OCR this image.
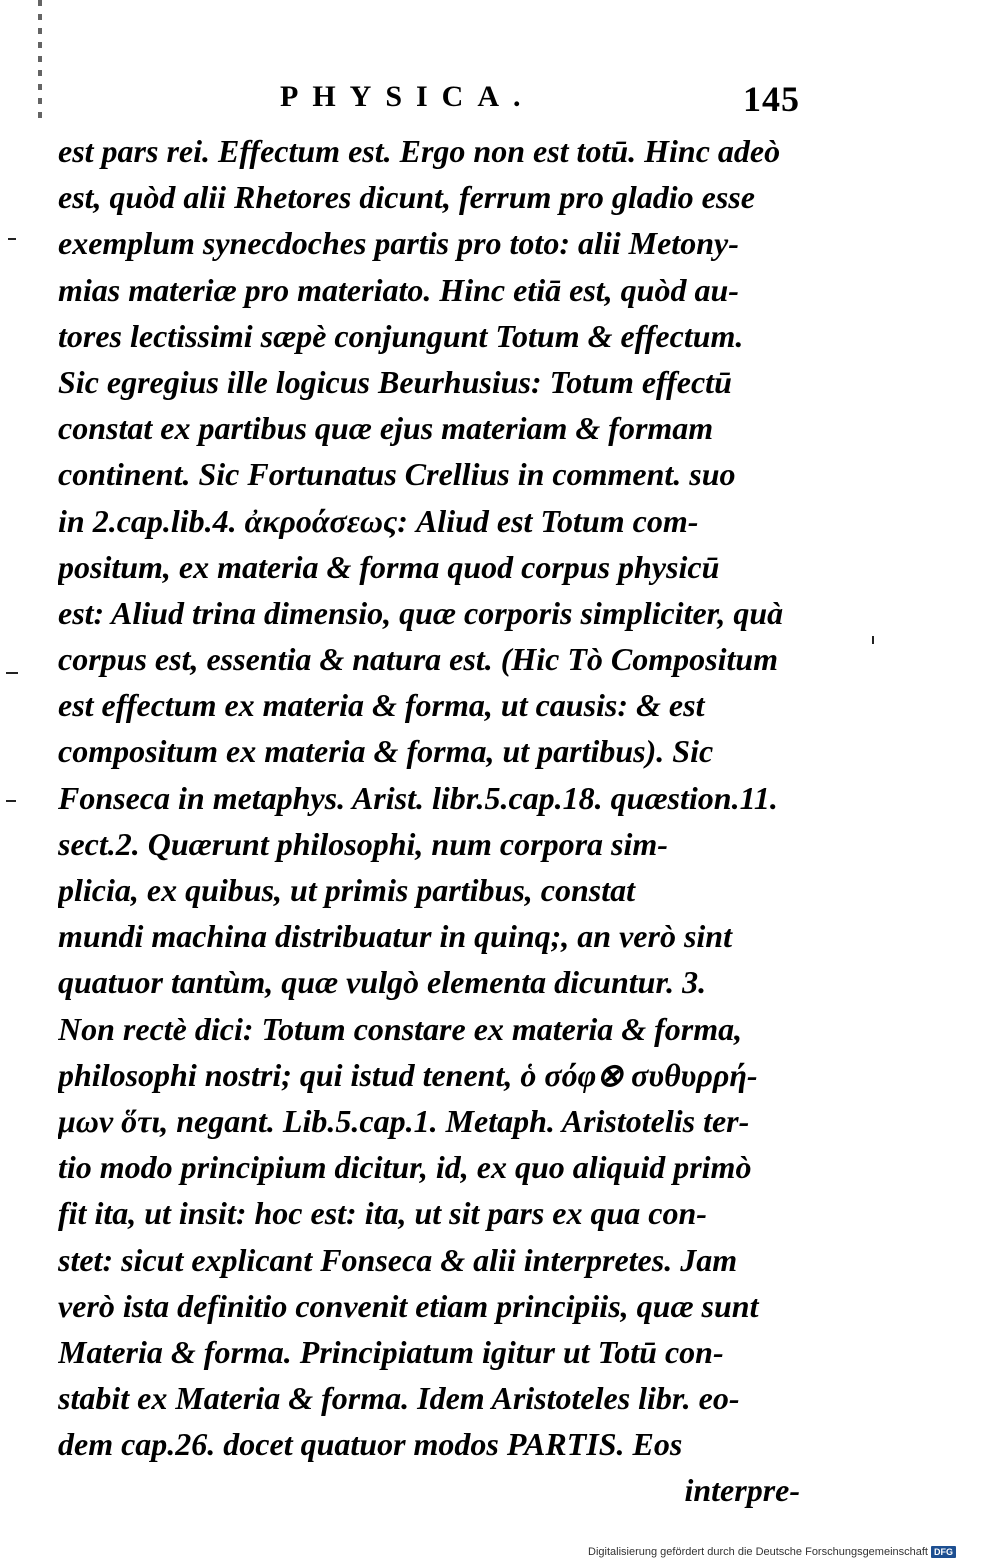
PHYSICA.	145
est pars rei. Effectum est. Ergo non est totū. Hinc adeò
est, quòd alii Rhetores dicunt, ferrum pro gladio esse
exemplum synecdoches partis pro toto: alii Metony-
mias materiæ pro materiato. Hinc etiā est, quòd au-
tores lectissimi sæpè conjungunt Totum & effectum.
Sic egregius ille logicus Beurhusius: Totum effectū
constat ex partibus quæ ejus materiam & formam
continent. Sic Fortunatus Crellius in comment. suo
in 2.cap.lib.4. ἀκροάσεως: Aliud est Totum com-
positum, ex materia & forma quod corpus physicū
est: Aliud trina dimensio, quæ corporis simpliciter, quà
corpus est, essentia & natura est. (Hic Tò Compositum
est effectum ex materia & forma, ut causis: & est
compositum ex materia & forma, ut partibus). Sic
Fonseca in metaphys. Arist. libr.5.cap.18. quæstion.11.
sect.2. Quærunt philosophi, num corpora sim-
plicia, ex quibus, ut primis partibus, constat
mundi machina distribuatur in quinq;, an verò sint
quatuor tantùm, quæ vulgò elementa dicuntur. 3.
Non rectè dici: Totum constare ex materia & forma,
philosophi nostri; qui istud tenent, ὁ σόφ⊗ συθυρρή-
μων ὅτι, negant. Lib.5.cap.1. Metaph. Aristotelis ter-
tio modo principium dicitur, id, ex quo aliquid primò
fit ita, ut insit: hoc est: ita, ut sit pars ex qua con-
stet: sicut explicant Fonseca & alii interpretes. Jam
verò ista definitio convenit etiam principiis, quæ sunt
Materia & forma. Principiatum igitur ut Totū con-
stabit ex Materia & forma. Idem Aristoteles libr. eo-
dem cap.26. docet quatuor modos PARTIS. Eos
interpre-
Digitalisierung gefördert durch die Deutsche Forschungsgemeinschaft DFG
